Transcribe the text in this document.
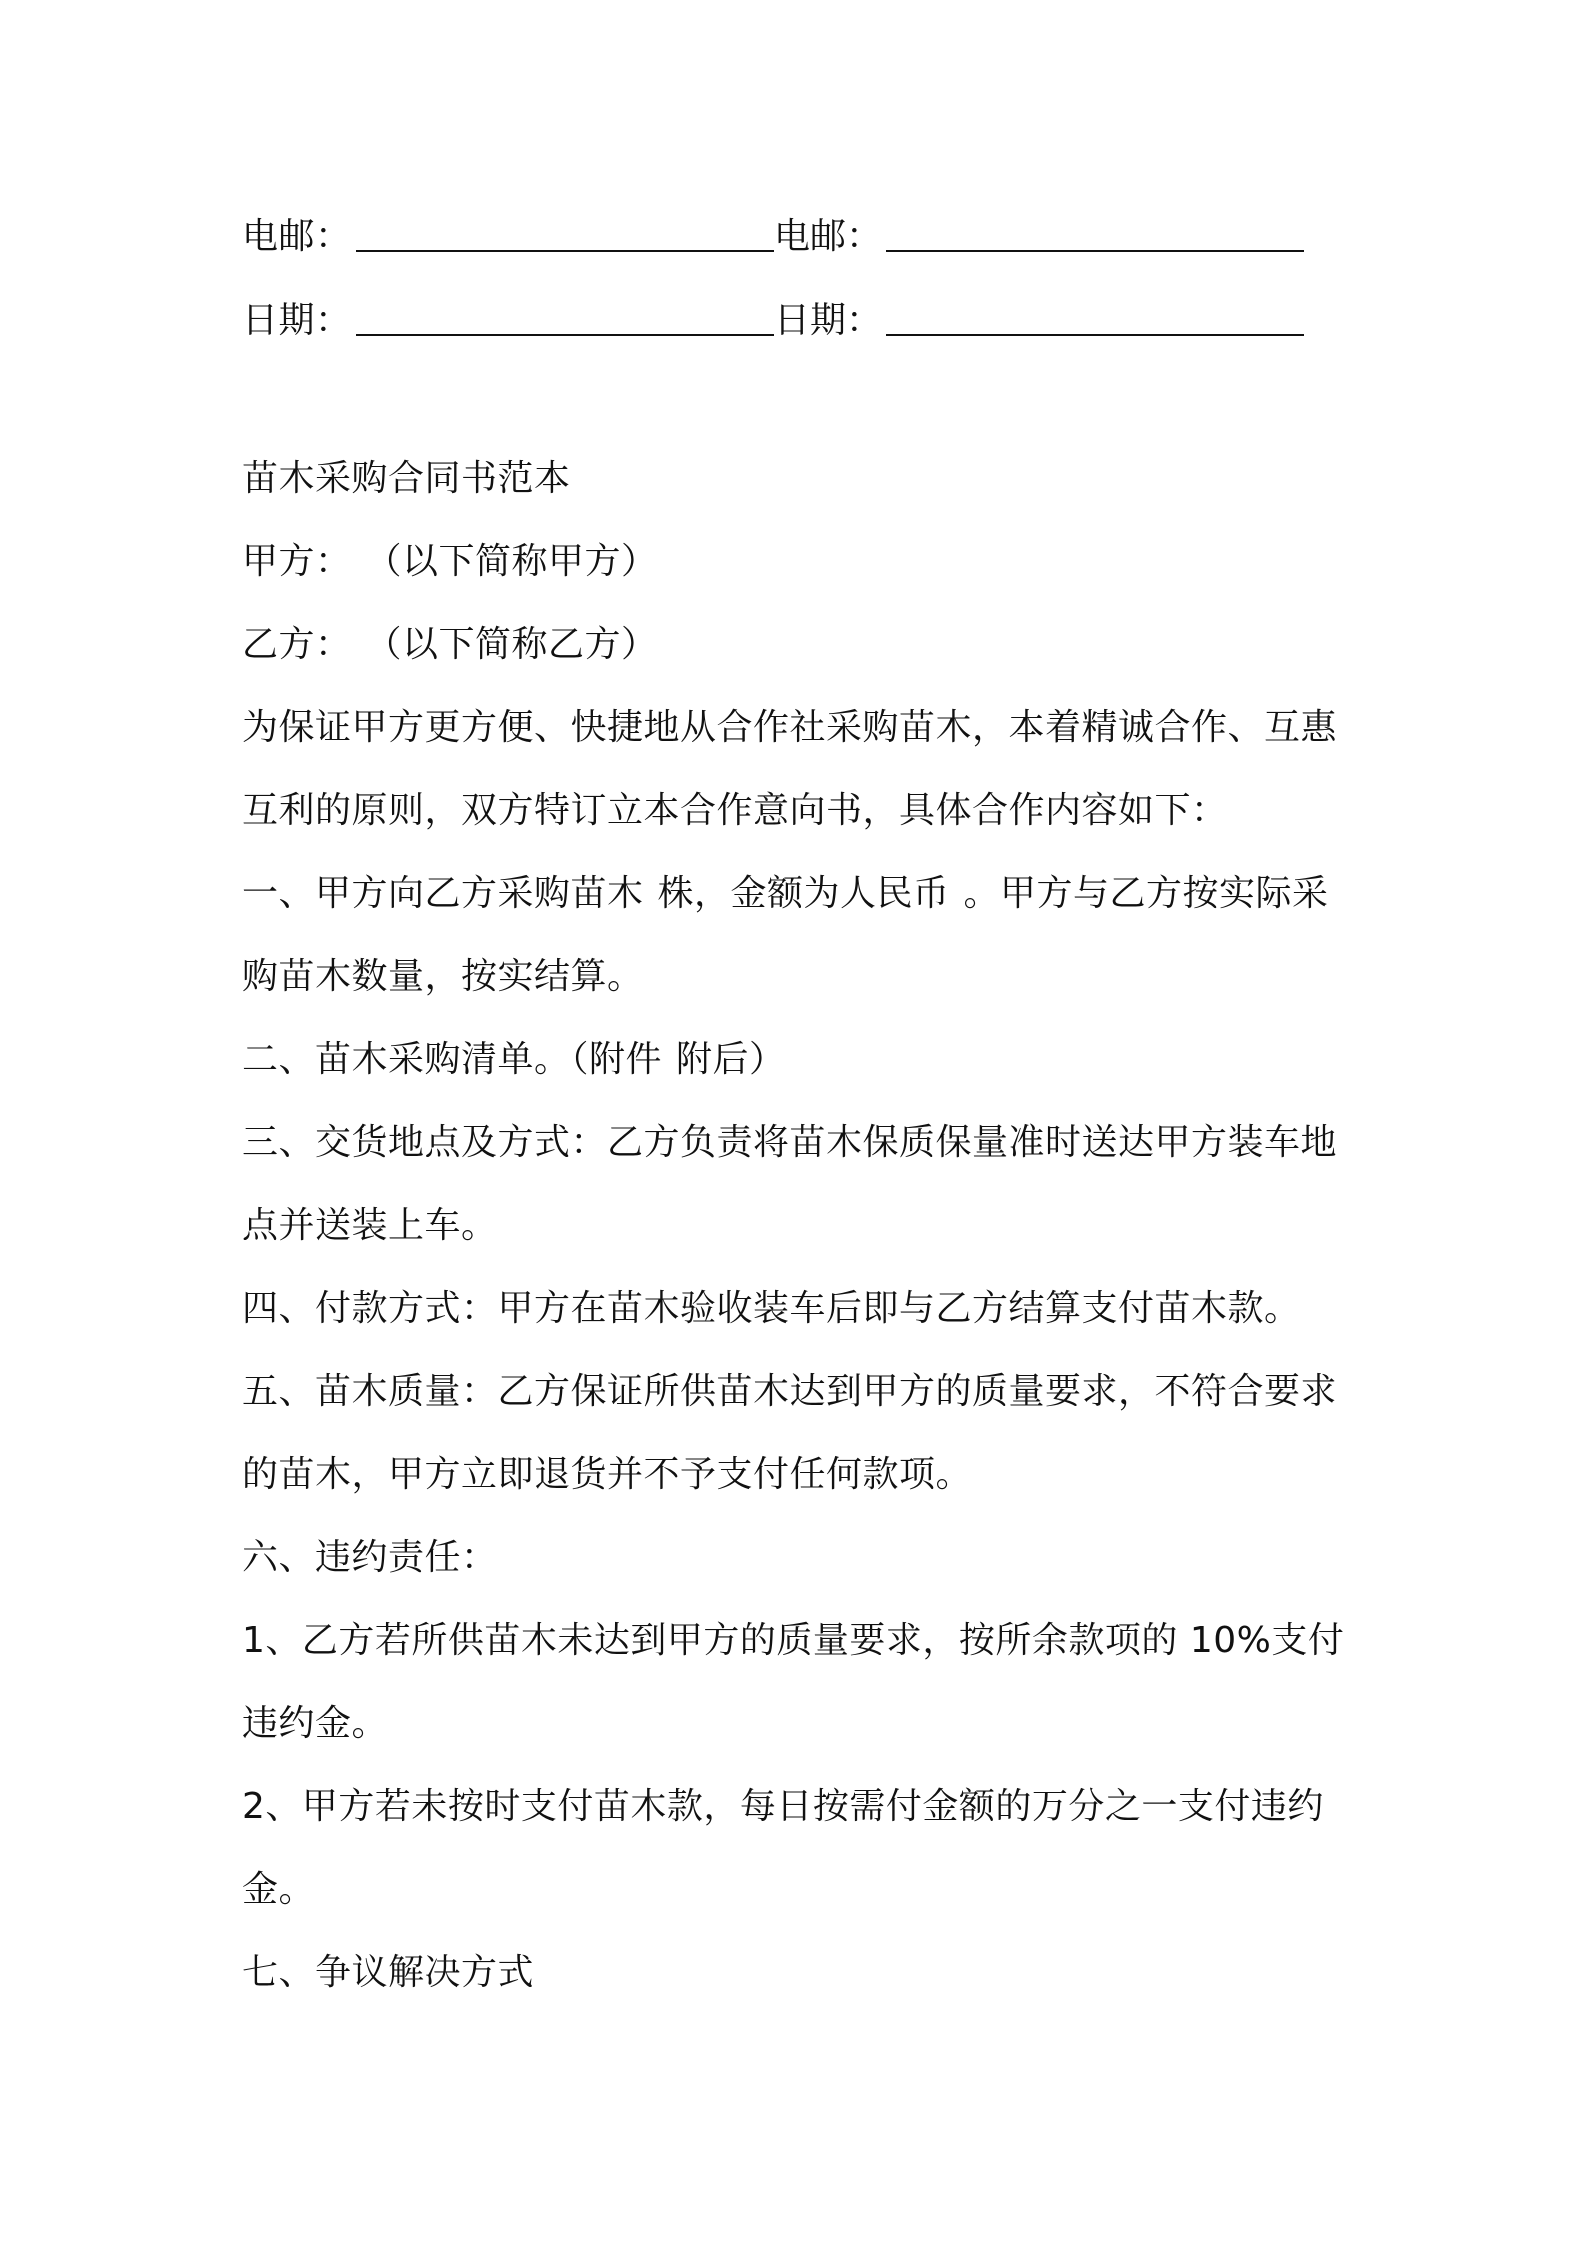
电邮：	电邮：
日期：	日期：
苗木采购合同书范本
甲方： （以下简称甲方）
乙方： （以下简称乙方）
为保证甲方更方便、快捷地从合作社采购苗木，本着精诚合作、互惠
互利的原则，双方特订立本合作意向书，具体合作内容如下：
一、甲方向乙方采购苗木 株，金额为人民币 。甲方与乙方按实际采
购苗木数量，按实结算。
二、苗木采购清单。（附件 附后）
三、交货地点及方式：乙方负责将苗木保质保量准时送达甲方装车地
点并送装上车。
四、付款方式：甲方在苗木验收装车后即与乙方结算支付苗木款。
五、苗木质量：乙方保证所供苗木达到甲方的质量要求，不符合要求
的苗木，甲方立即退货并不予支付任何款项。
六、违约责任：
1、乙方若所供苗木未达到甲方的质量要求，按所余款项的 10%支付
违约金。
2、甲方若未按时支付苗木款，每日按需付金额的万分之一支付违约
金。
七、争议解决方式
